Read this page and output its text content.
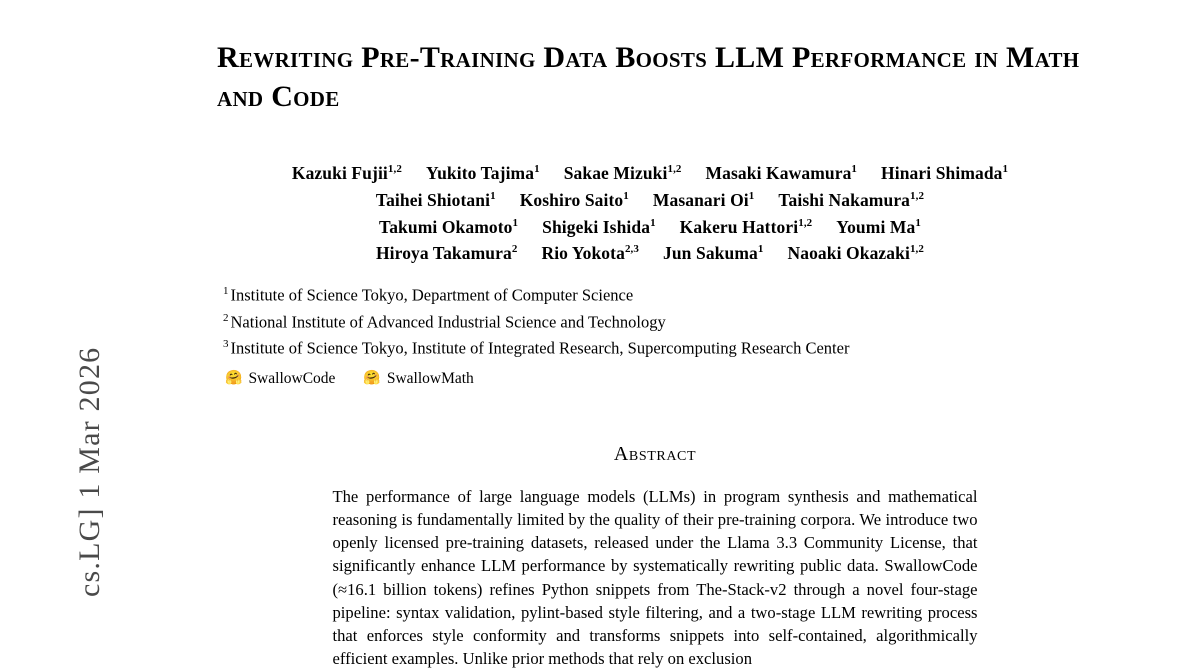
cs.LG] 1 Mar 2026
Rewriting Pre-Training Data Boosts LLM Performance in Math and Code
Kazuki Fujii$^{1,2}$ Yukito Tajima$^1$ Sakae Mizuki$^{1,2}$ Masaki Kawamura$^1$ Hinari Shimada$^1$
Taihei Shiotani$^1$ Koshiro Saito$^1$ Masanari Oi$^1$ Taishi Nakamura$^{1,2}$
Takumi Okamoto$^1$ Shigeki Ishida$^1$ Kakeru Hattori$^{1,2}$ Youmi Ma$^1$
Hiroya Takamura$^2$ Rio Yokota$^{2,3}$ Jun Sakuma$^1$ Naoaki Okazaki$^{1,2}$
$^1$ Institute of Science Tokyo, Department of Computer Science
$^2$ National Institute of Advanced Industrial Science and Technology
$^3$ Institute of Science Tokyo, Institute of Integrated Research, Supercomputing Research Center
🤗 SwallowCode 🤗 SwallowMath
Abstract
The performance of large language models (LLMs) in program synthesis and mathematical reasoning is fundamentally limited by the quality of their pre-training corpora. We introduce two openly licensed pre-training datasets, released under the Llama 3.3 Community License, that significantly enhance LLM performance by systematically rewriting public data. SwallowCode (≈16.1 billion tokens) refines Python snippets from The-Stack-v2 through a novel four-stage pipeline: syntax validation, pylint-based style filtering, and a two-stage LLM rewriting process that enforces style conformity and transforms snippets into self-contained, algorithmically efficient examples. Unlike prior methods that rely on exclusion
